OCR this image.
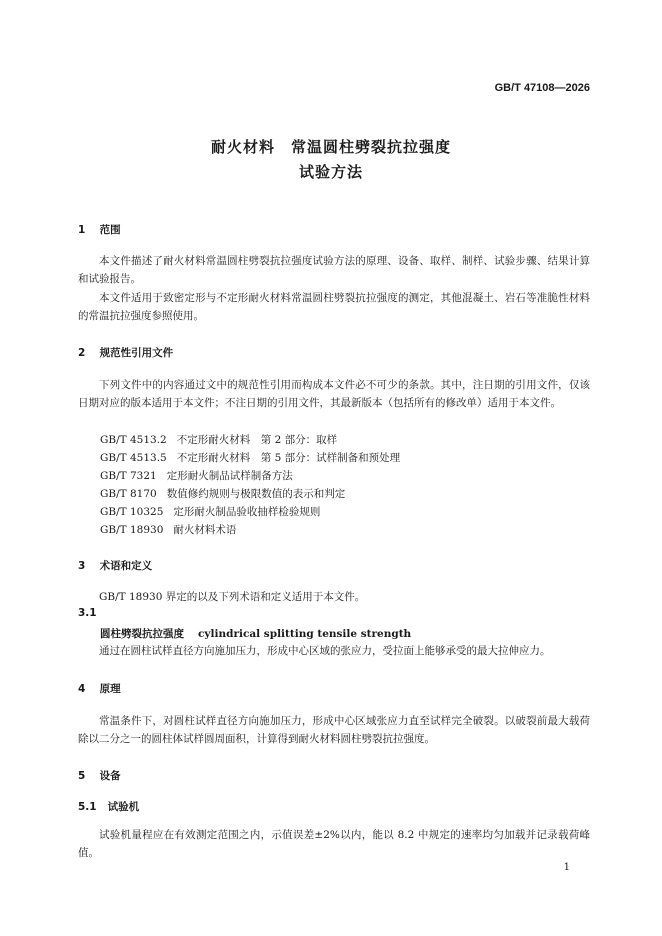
GB/T 47108—2026
耐火材料　常温圆柱劈裂抗拉强度
试验方法
1 范围
本文件描述了耐火材料常温圆柱劈裂抗拉强度试验方法的原理、设备、取样、制样、试验步骤、结果计算和试验报告。
本文件适用于致密定形与不定形耐火材料常温圆柱劈裂抗拉强度的测定，其他混凝土、岩石等准脆性材料的常温抗拉强度参照使用。
2 规范性引用文件
下列文件中的内容通过文中的规范性引用而构成本文件必不可少的条款。其中，注日期的引用文件，仅该日期对应的版本适用于本文件；不注日期的引用文件，其最新版本（包括所有的修改单）适用于本文件。
GB/T 4513.2 不定形耐火材料　第 2 部分：取样
GB/T 4513.5 不定形耐火材料　第 5 部分：试样制备和预处理
GB/T 7321 定形耐火制品试样制备方法
GB/T 8170 数值修约规则与极限数值的表示和判定
GB/T 10325 定形耐火制品验收抽样检验规则
GB/T 18930 耐火材料术语
3 术语和定义
GB/T 18930 界定的以及下列术语和定义适用于本文件。
3.1
圆柱劈裂抗拉强度 cylindrical splitting tensile strength
通过在圆柱试样直径方向施加压力，形成中心区域的张应力，受拉面上能够承受的最大拉伸应力。
4 原理
常温条件下，对圆柱试样直径方向施加压力，形成中心区域张应力直至试样完全破裂。以破裂前最大载荷除以二分之一的圆柱体试样圆周面积，计算得到耐火材料圆柱劈裂抗拉强度。
5 设备
5.1 试验机
试验机量程应在有效测定范围之内，示值误差±2%以内，能以 8.2 中规定的速率均匀加载并记录载荷峰值。
1
